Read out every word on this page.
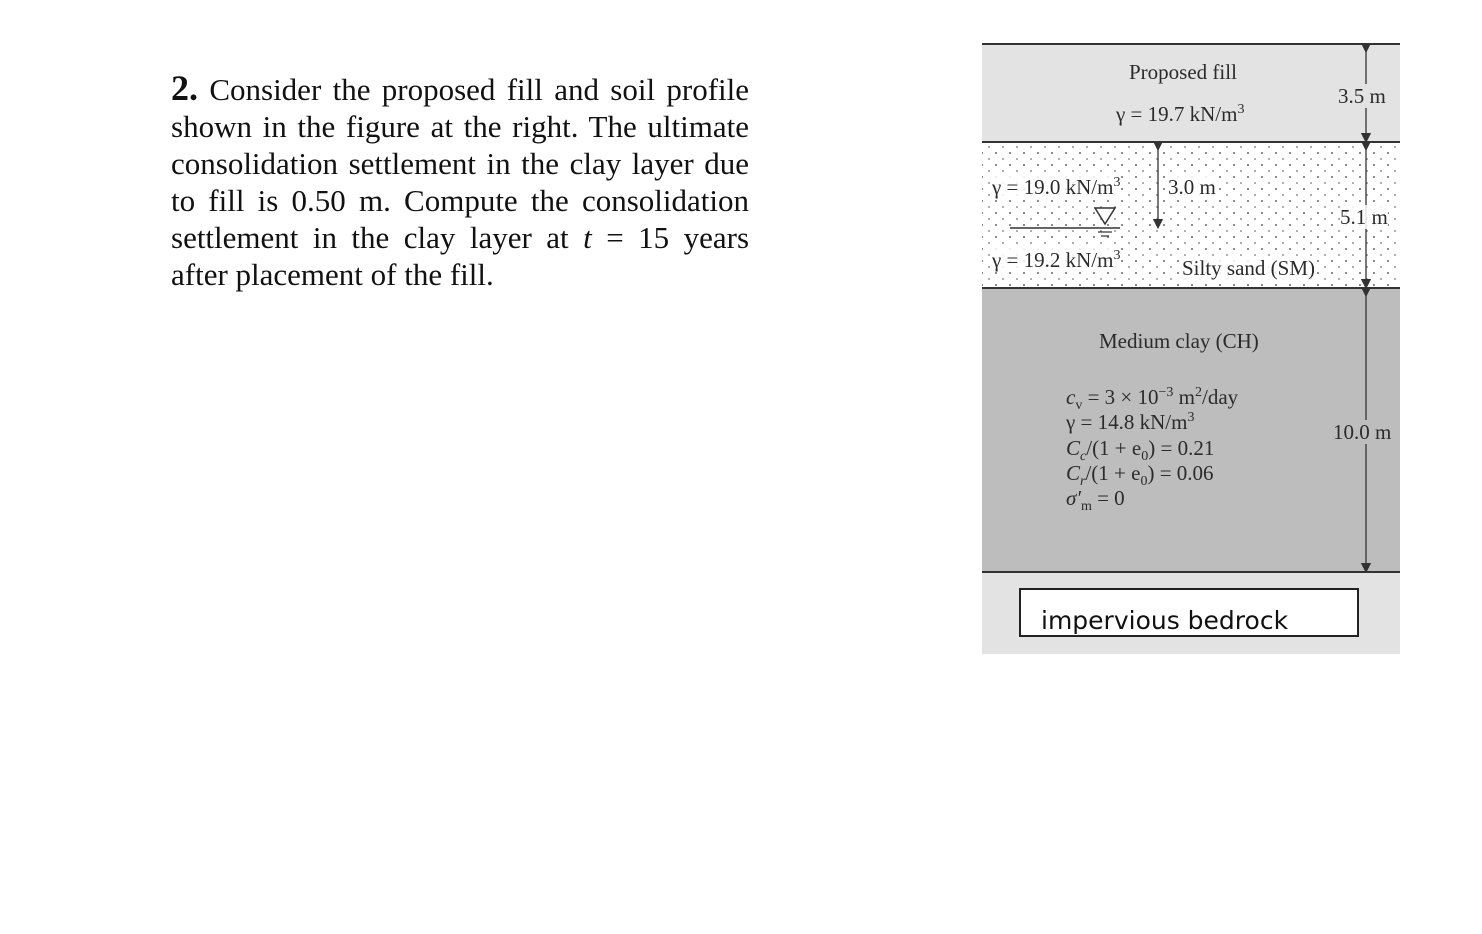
2. Consider the proposed fill and soil profile shown in the figure at the right. The ultimate consolidation settlement in the clay layer due to fill is 0.50 m. Compute the consolidation settlement in the clay layer at t = 15 years after placement of the fill.
Proposed fill
γ = 19.7 $kN/m^3$
3.5 m
γ = 19.0 $kN/m^3$ 3.0 m
5.1 m
γ = 19.2 $kN/m^3$
Silty sand (SM)
Medium clay (CH)
$c_v = 3 \times 10^{-3}$ $m^2$/day
γ = 14.8 $kN/m^3$
$C_c/(1 + e_0) = 0.21$
$C_r/(1 + e_0) = 0.06$
$\sigma'_m = 0$
10.0 m
impervious bedrock
